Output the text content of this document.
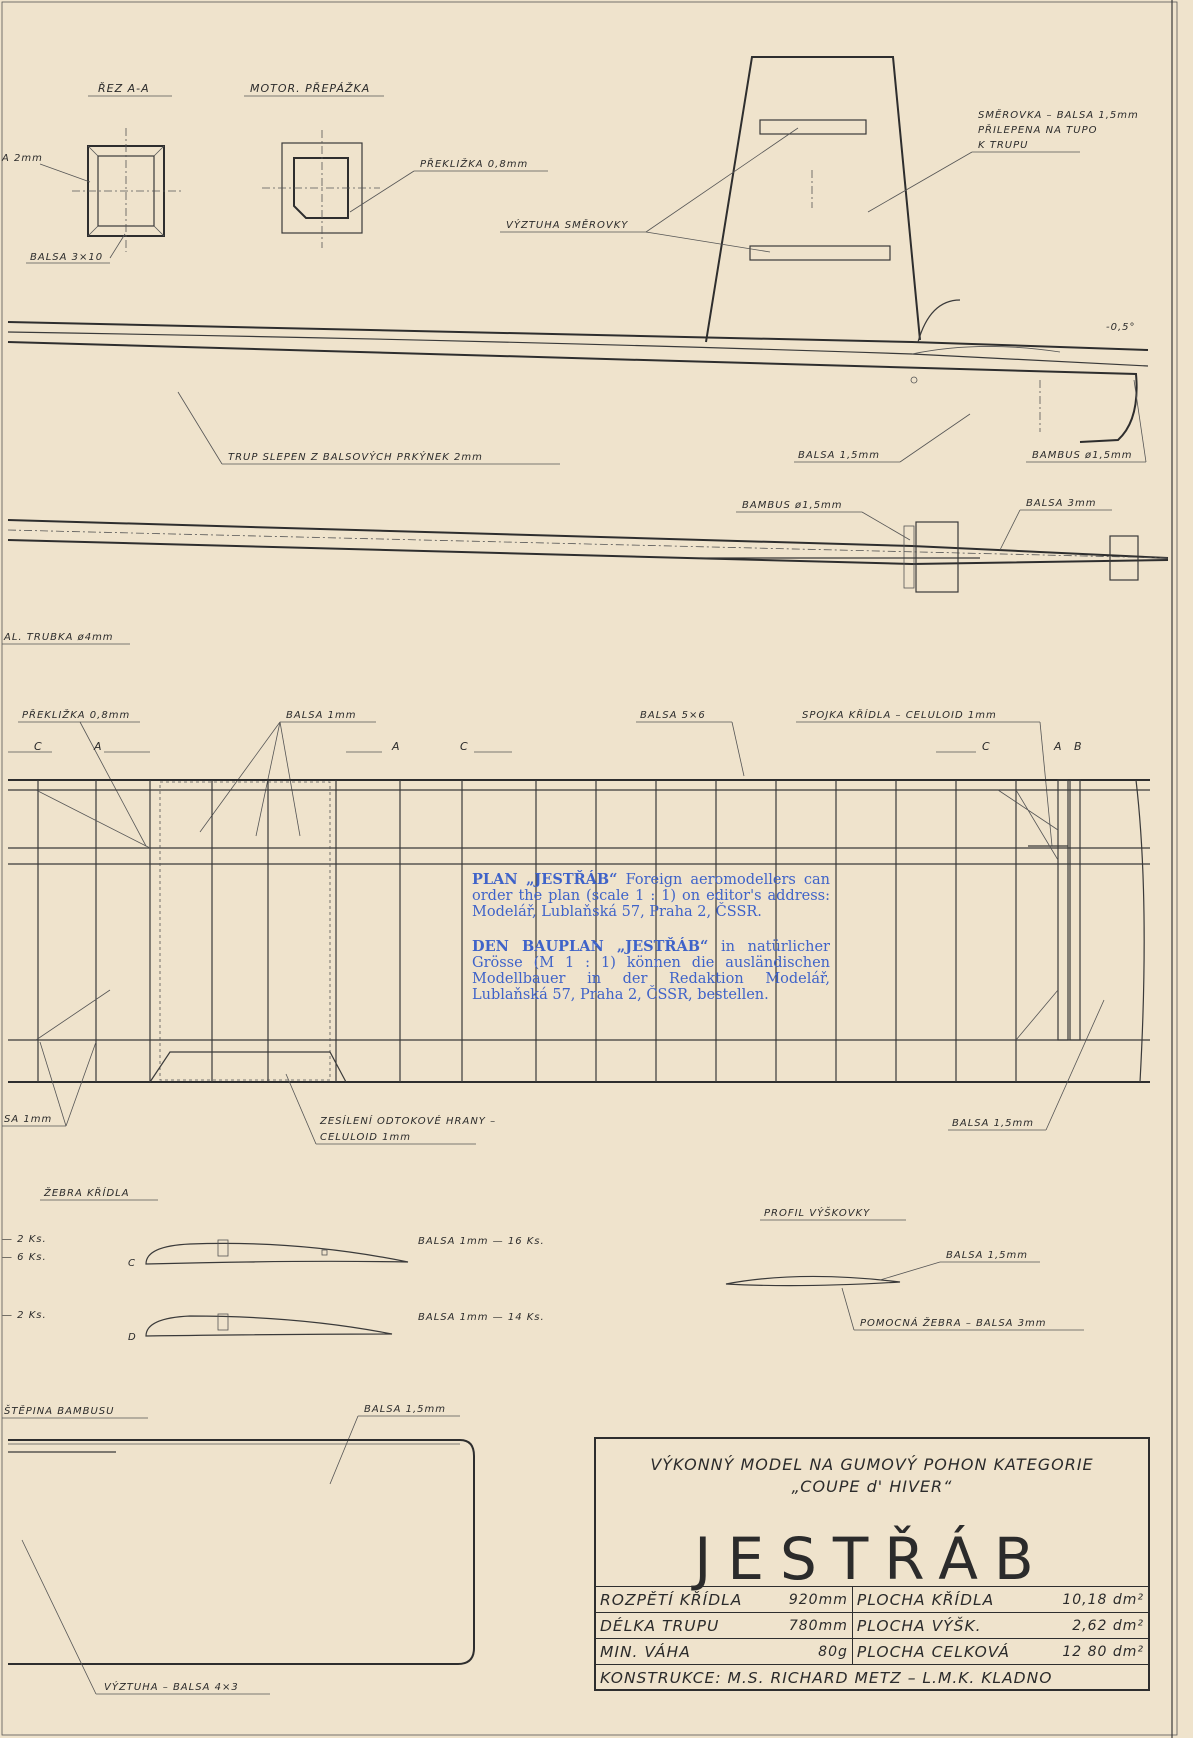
ŘEZ A-A
A 2mm
BALSA 3×10
MOTOR. PŘEPÁŽKA
PŘEKLIŽKA 0,8mm
VÝZTUHA SMĚROVKY
SMĚROVKA – BALSA 1,5mm
PŘILEPENA NA TUPO
K TRUPU
-0,5°
TRUP SLEPEN Z BALSOVÝCH PRKÝNEK 2mm	BALSA 1,5mm	BAMBUS ø1,5mm
BAMBUS ø1,5mm	BALSA 3mm
AL. TRUBKA ø4mm
PŘEKLIŽKA 0,8mm	BALSA 1mm	BALSA 5×6	SPOJKA KŘÍDLA – CELULOID 1mm
C	A	A	C	C	A B
SA 1mm	ZESÍLENÍ ODTOKOVÉ HRANY –
CELULOID 1mm
BALSA 1,5mm
ŽEBRA KŘÍDLA
— 2 Ks.
— 6 Ks.
— 2 Ks.
C
BALSA 1mm — 16 Ks.
D
BALSA 1mm — 14 Ks.
PROFIL VÝŠKOVKY
BALSA 1,5mm
POMOCNÁ ŽEBRA – BALSA 3mm
ŠTĚPINA BAMBUSU	BALSA 1,5mm
VÝZTUHA – BALSA 4×3

PLAN „JESTŘÁB“ Foreign aeromodellers can order the plan (scale 1 : 1) on editor's address: Modelář, Lublaňská 57, Praha 2, ČSSR.

DEN BAUPLAN „JESTŘÁB“ in natürlicher Grösse (M 1 : 1) können die ausländischen Modellbauer in der Redaktion Modelář, Lublaňská 57, Praha 2, ČSSR, bestellen.

VÝKONNÝ MODEL NA GUMOVÝ POHON KATEGORIE
„COUPE d' HIVER“
JESTŘÁB
ROZPĚTÍ KŘÍDLA	920mm	PLOCHA KŘÍDLA	10,18 dm²
DÉLKA TRUPU	780mm	PLOCHA VÝŠK.	2,62 dm²
MIN. VÁHA	80g	PLOCHA CELKOVÁ	12 80 dm²
KONSTRUKCE: M.S. RICHARD METZ – L.M.K. KLADNO			
